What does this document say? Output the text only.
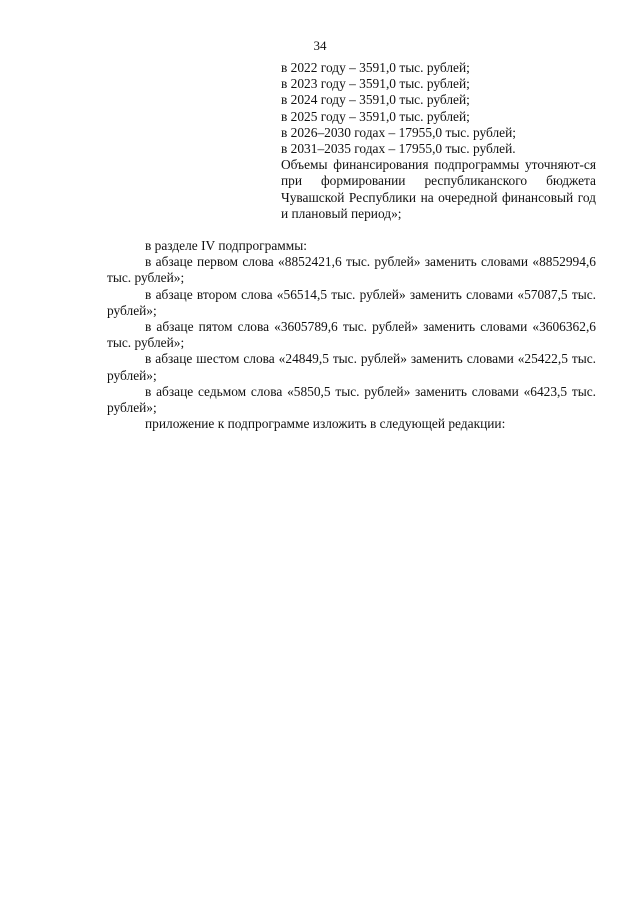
34
в 2022 году – 3591,0 тыс. рублей;
в 2023 году – 3591,0 тыс. рублей;
в 2024 году – 3591,0 тыс. рублей;
в 2025 году – 3591,0 тыс. рублей;
в 2026–2030 годах – 17955,0 тыс. рублей;
в 2031–2035 годах – 17955,0 тыс. рублей.

Объемы финансирования подпрограммы уточняют-ся при формировании республиканского бюджета Чувашской Республики на очередной финансовый год и плановый период»;

в разделе IV подпрограммы:

в абзаце первом слова «8852421,6 тыс. рублей» заменить словами «8852994,6 тыс. рублей»;

в абзаце втором слова «56514,5 тыс. рублей» заменить словами «57087,5 тыс. рублей»;

в абзаце пятом слова «3605789,6 тыс. рублей» заменить словами «3606362,6 тыс. рублей»;

в абзаце шестом слова «24849,5 тыс. рублей» заменить словами «25422,5 тыс. рублей»;

в абзаце седьмом слова «5850,5 тыс. рублей» заменить словами «6423,5 тыс. рублей»;

приложение к подпрограмме изложить в следующей редакции:
